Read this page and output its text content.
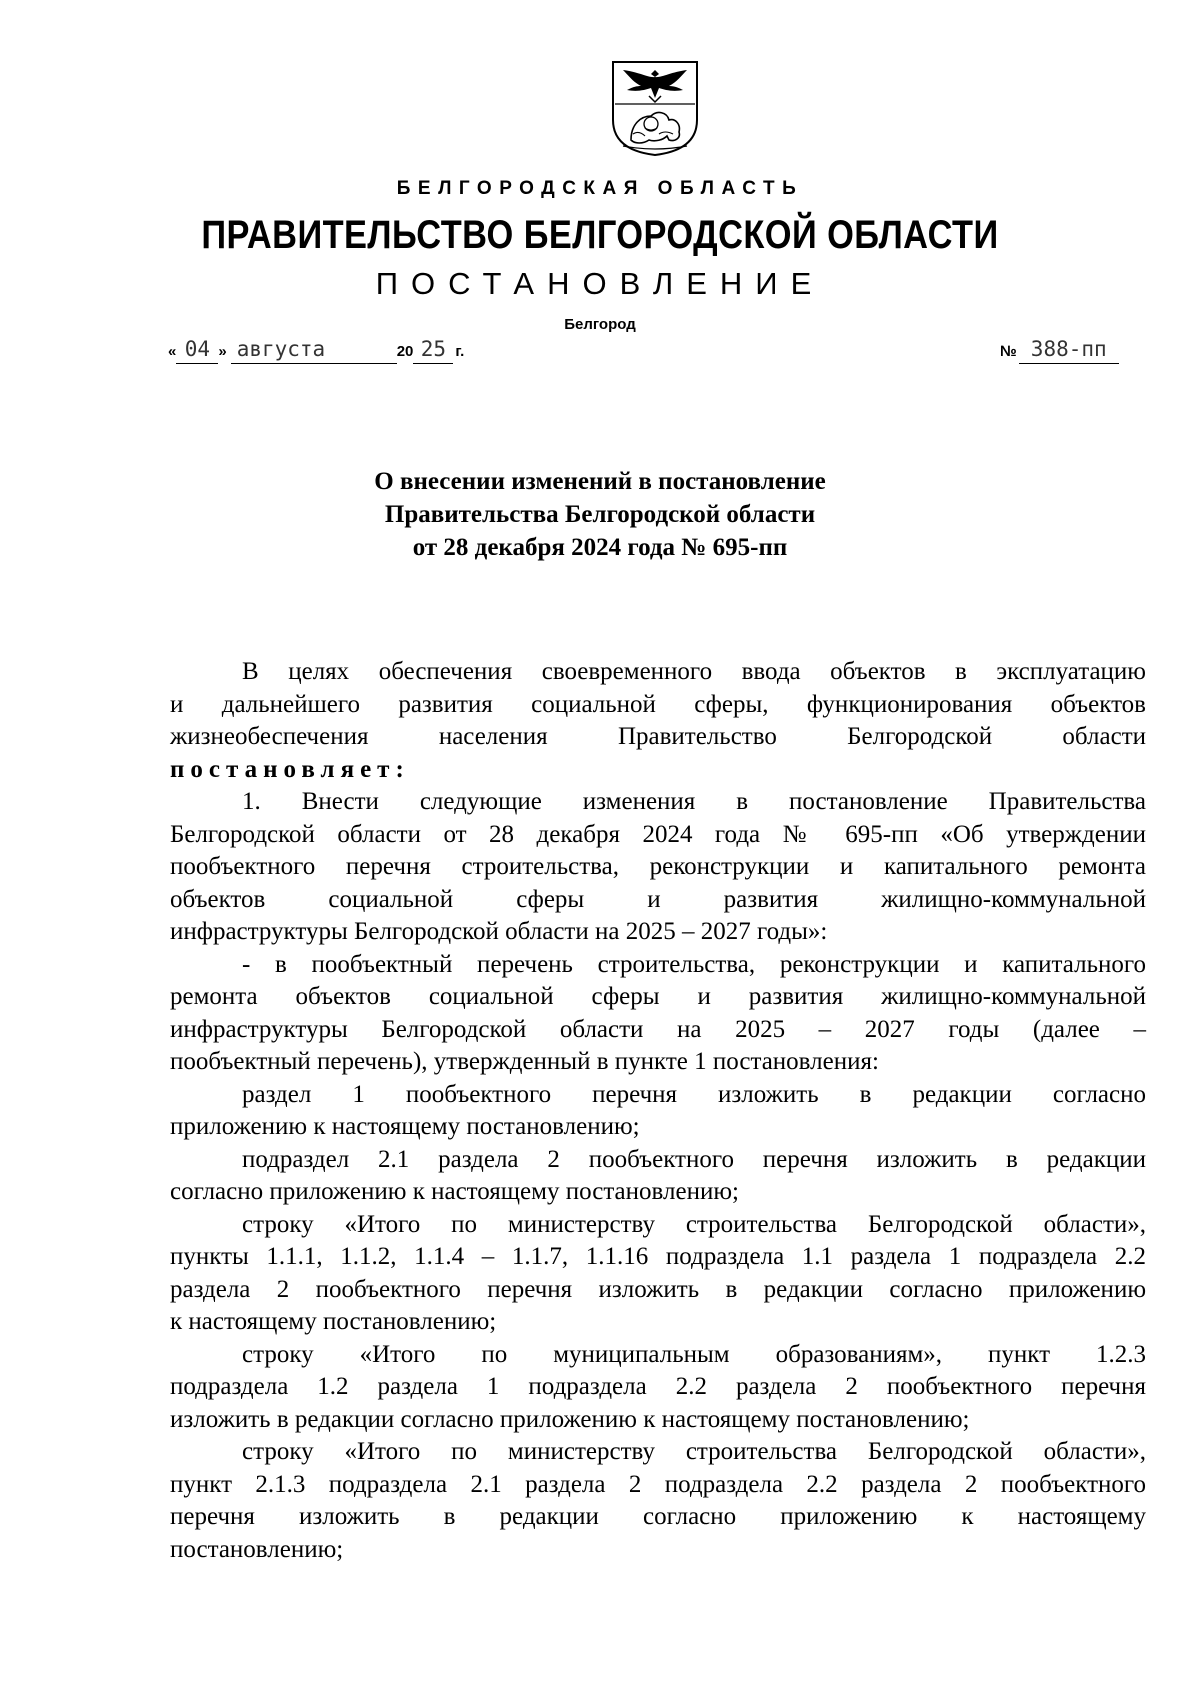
БЕЛГОРОДСКАЯ ОБЛАСТЬ
ПРАВИТЕЛЬСТВО БЕЛГОРОДСКОЙ ОБЛАСТИ
ПОСТАНОВЛЕНИЕ
Белгород
« 04 » августа	20 25 г.	№ 388-пп
О внесении изменений в постановление
Правительства Белгородской области
от 28 декабря 2024 года № 695-пп
В целях обеспечения своевременного ввода объектов в эксплуатацию
и дальнейшего развития социальной сферы, функционирования объектов
жизнеобеспечения населения Правительство Белгородской области
постановляет:
1. Внести следующие изменения в постановление Правительства
Белгородской области от 28 декабря 2024 года № 695-пп «Об утверждении
пообъектного перечня строительства, реконструкции и капитального ремонта
объектов социальной сферы и развития жилищно-коммунальной
инфраструктуры Белгородской области на 2025 – 2027 годы»:
- в пообъектный перечень строительства, реконструкции и капитального
ремонта объектов социальной сферы и развития жилищно-коммунальной
инфраструктуры Белгородской области на 2025 – 2027 годы (далее –
пообъектный перечень), утвержденный в пункте 1 постановления:
раздел 1 пообъектного перечня изложить в редакции согласно
приложению к настоящему постановлению;
подраздел 2.1 раздела 2 пообъектного перечня изложить в редакции
согласно приложению к настоящему постановлению;
строку «Итого по министерству строительства Белгородской области»,
пункты 1.1.1, 1.1.2, 1.1.4 – 1.1.7, 1.1.16 подраздела 1.1 раздела 1 подраздела 2.2
раздела 2 пообъектного перечня изложить в редакции согласно приложению
к настоящему постановлению;
строку «Итого по муниципальным образованиям», пункт 1.2.3
подраздела 1.2 раздела 1 подраздела 2.2 раздела 2 пообъектного перечня
изложить в редакции согласно приложению к настоящему постановлению;
строку «Итого по министерству строительства Белгородской области»,
пункт 2.1.3 подраздела 2.1 раздела 2 подраздела 2.2 раздела 2 пообъектного
перечня изложить в редакции согласно приложению к настоящему
постановлению;
